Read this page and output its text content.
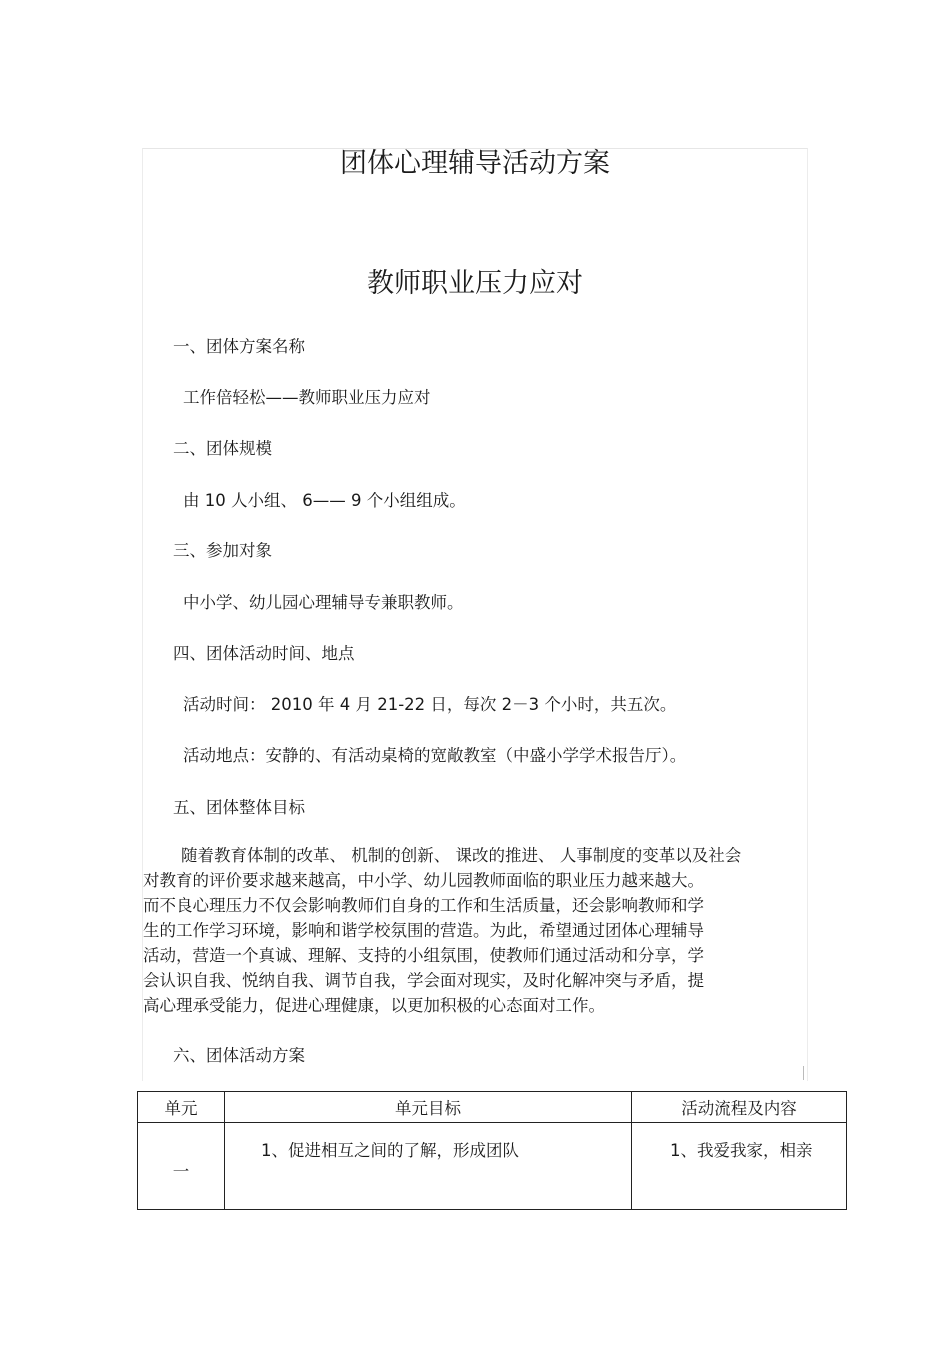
团体心理辅导活动方案
教师职业压力应对

一、团体方案名称

工作倍轻松——教师职业压力应对

二、团体规模

由 10 人小组、 6—— 9 个小组组成。

三、参加对象

中小学、幼儿园心理辅导专兼职教师。

四、团体活动时间、地点

活动时间： 2010 年 4 月 21-22 日，每次 2－3 个小时，共五次。

活动地点：安静的、有活动桌椅的宽敞教室（中盛小学学术报告厅）。

五、团体整体目标

随着教育体制的改革、 机制的创新、 课改的推进、 人事制度的变革以及社会
对教育的评价要求越来越高，中小学、幼儿园教师面临的职业压力越来越大。
而不良心理压力不仅会影响教师们自身的工作和生活质量，还会影响教师和学
生的工作学习环境，影响和谐学校氛围的营造。为此，希望通过团体心理辅导
活动，营造一个真诚、理解、支持的小组氛围，使教师们通过活动和分享，学
会认识自我、悦纳自我、调节自我，学会面对现实，及时化解冲突与矛盾，提
高心理承受能力，促进心理健康，以更加积极的心态面对工作。

六、团体活动方案

单元	单元目标	活动流程及内容
一	1、促进相互之间的了解，形成团队	1、我爱我家，相亲
